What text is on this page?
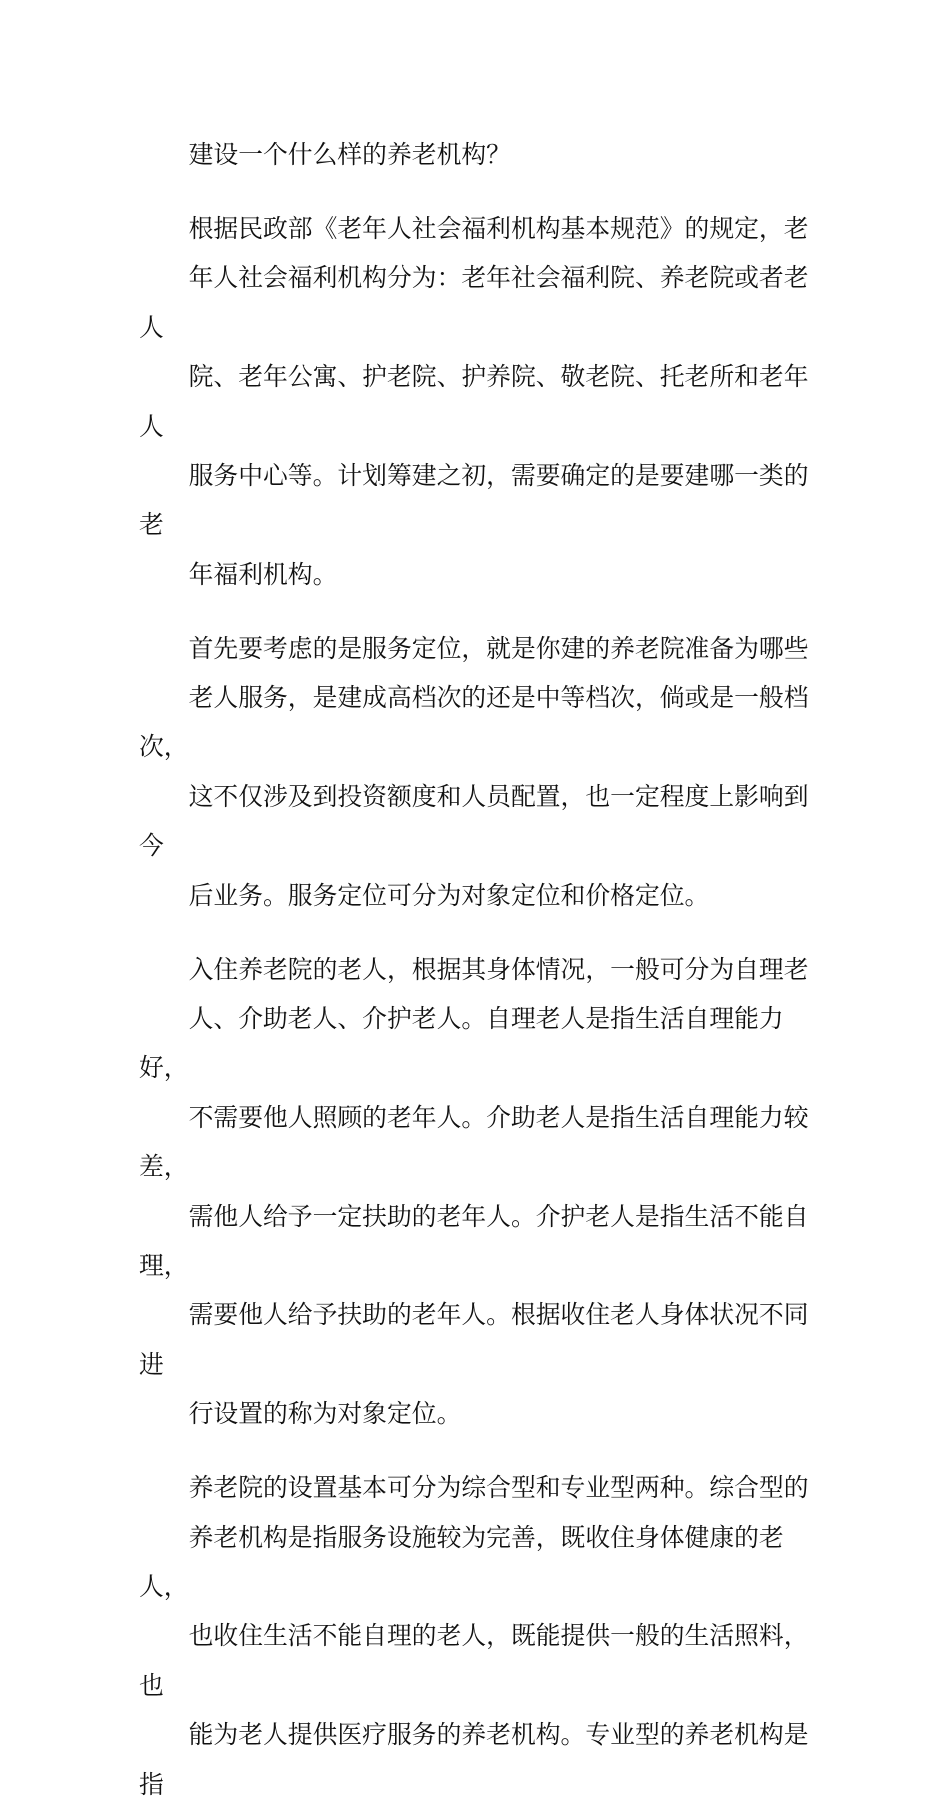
建设一个什么样的养老机构？

根据民政部《老年人社会福利机构基本规范》的规定，老
年人社会福利机构分为：老年社会福利院、养老院或者老人
院、老年公寓、护老院、护养院、敬老院、托老所和老年人
服务中心等。计划筹建之初，需要确定的是要建哪一类的老
年福利机构。

首先要考虑的是服务定位，就是你建的养老院准备为哪些
老人服务，是建成高档次的还是中等档次，倘或是一般档次，
这不仅涉及到投资额度和人员配置，也一定程度上影响到今
后业务。服务定位可分为对象定位和价格定位。

入住养老院的老人，根据其身体情况，一般可分为自理老
人、介助老人、介护老人。自理老人是指生活自理能力好，
不需要他人照顾的老年人。介助老人是指生活自理能力较差，
需他人给予一定扶助的老年人。介护老人是指生活不能自理，
需要他人给予扶助的老年人。根据收住老人身体状况不同进
行设置的称为对象定位。

养老院的设置基本可分为综合型和专业型两种。综合型的
养老机构是指服务设施较为完善，既收住身体健康的老人，
也收住生活不能自理的老人，既能提供一般的生活照料，也
能为老人提供医疗服务的养老机构。专业型的养老机构是指
